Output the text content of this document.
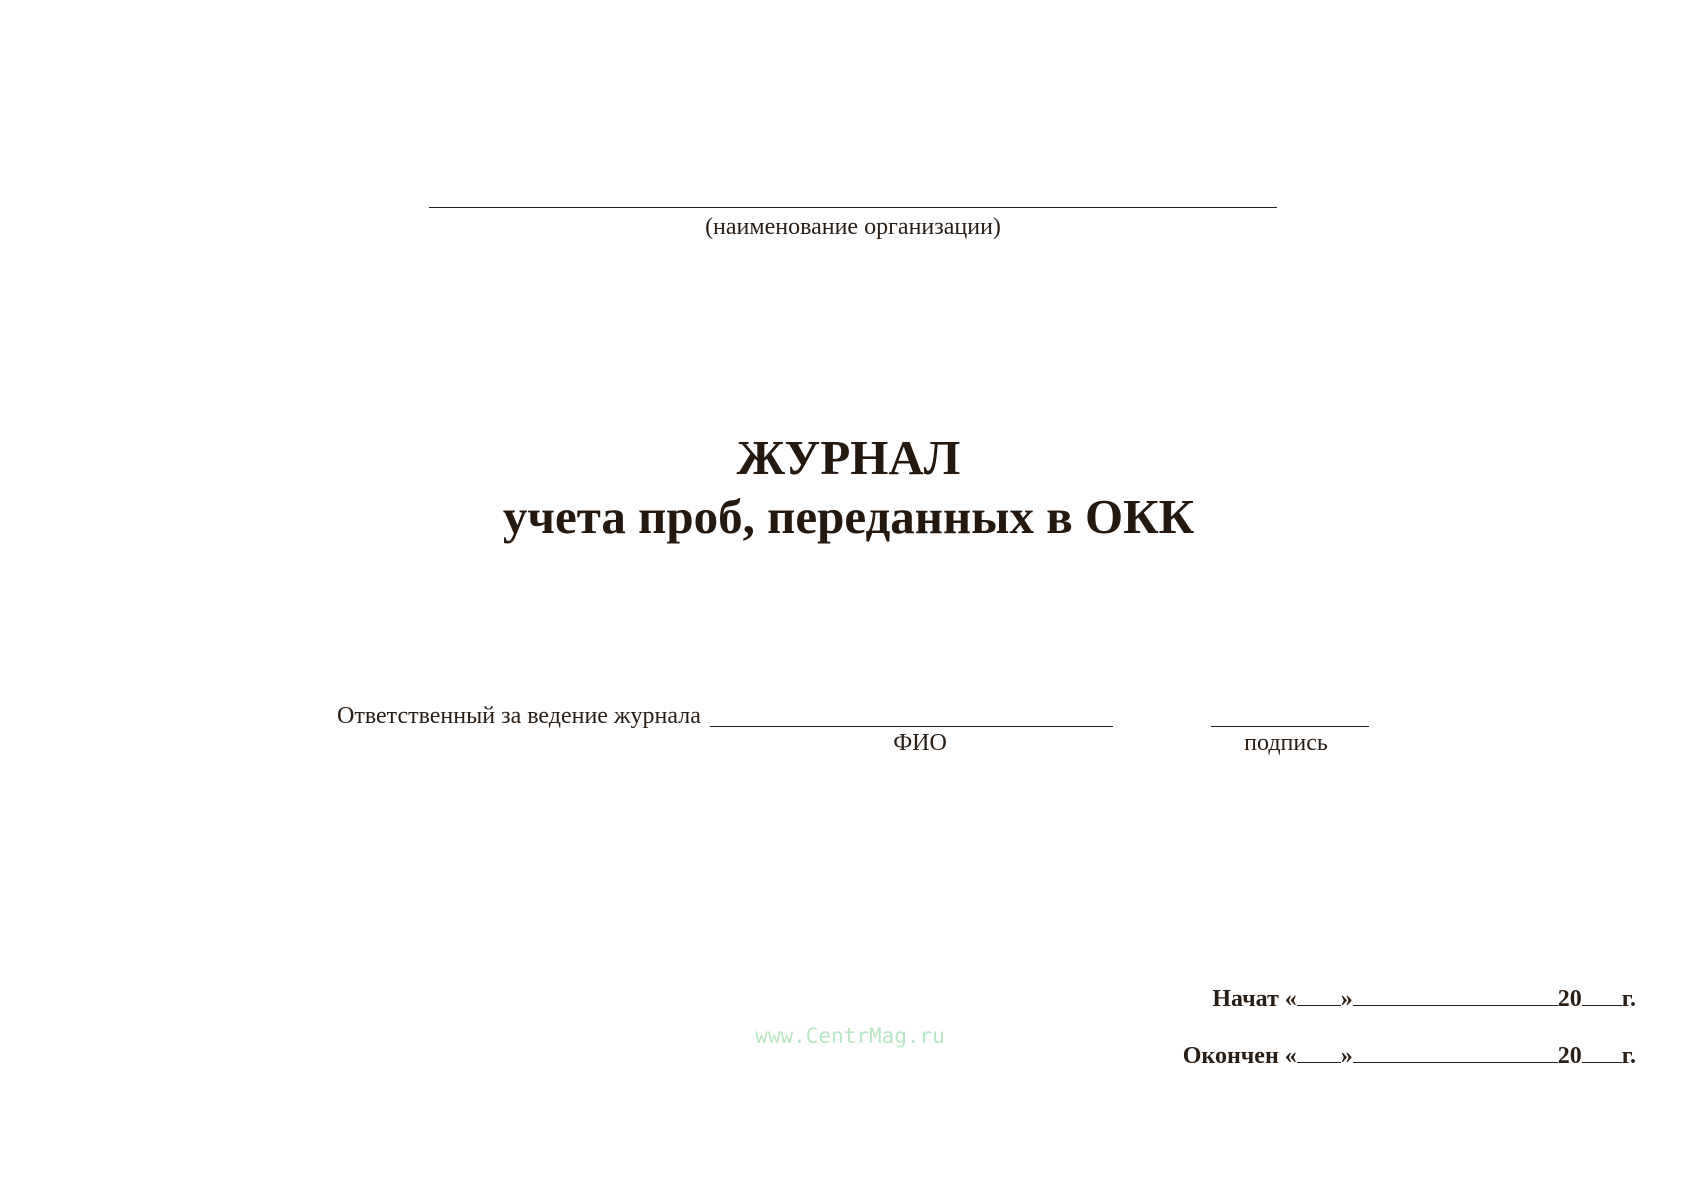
(наименование организации)
ЖУРНАЛ
учета проб, переданных в ОКК
Ответственный за ведение журнала
ФИО	подпись
www.CentrMag.ru
Начат « »	20 г.
Окончен « »	20 г.
